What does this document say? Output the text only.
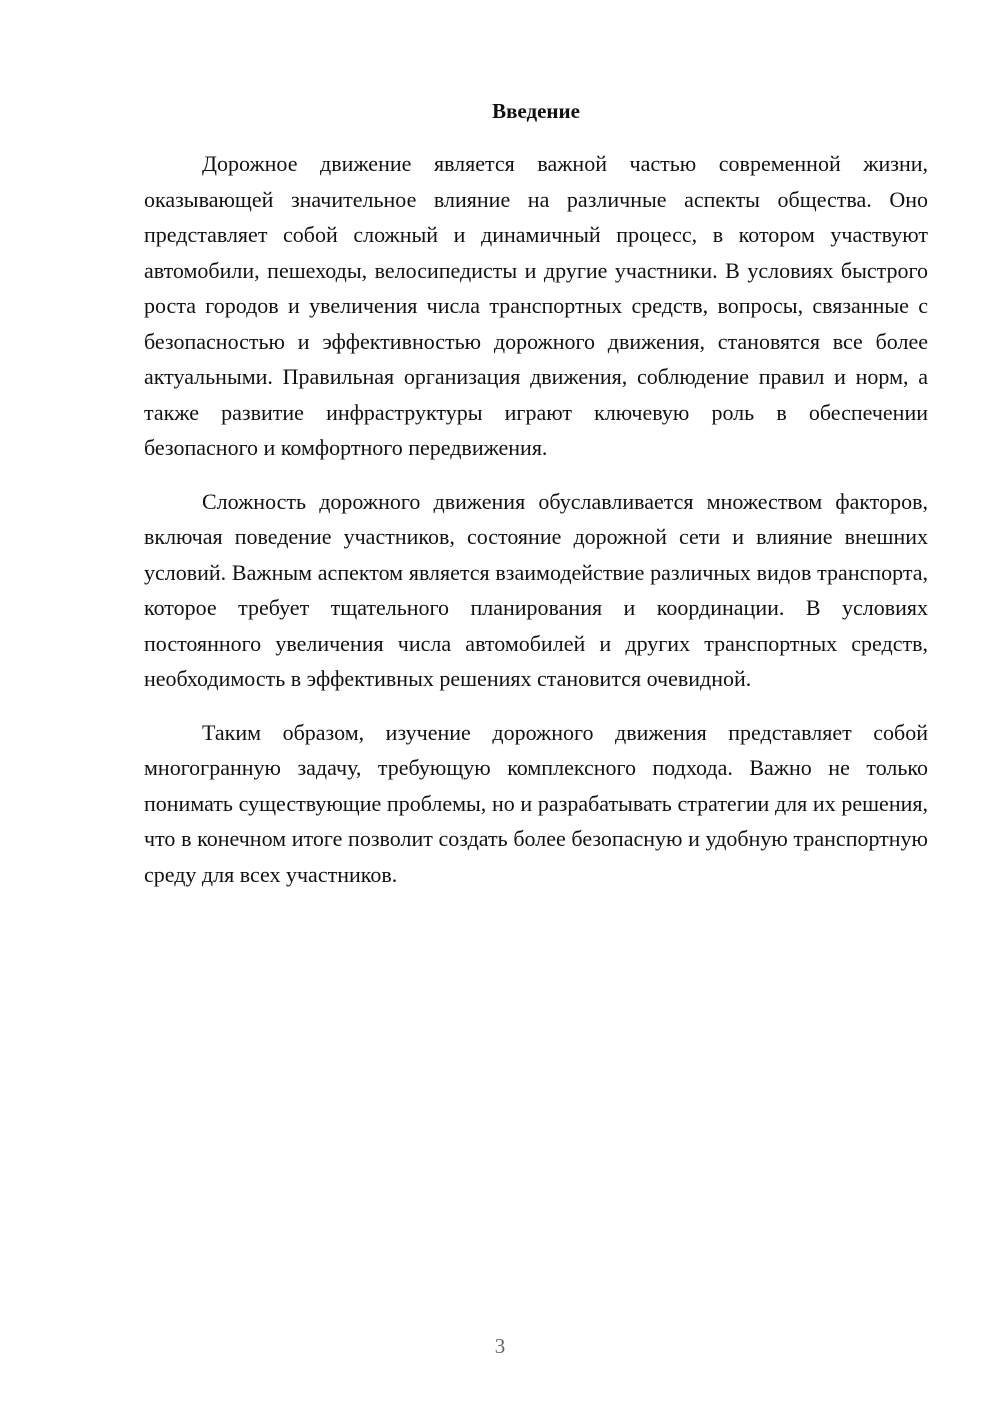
Введение

Дорожное движение является важной частью современной жизни, оказывающей значительное влияние на различные аспекты общества. Оно представляет собой сложный и динамичный процесс, в котором участвуют автомобили, пешеходы, велосипедисты и другие участники. В условиях быстрого роста городов и увеличения числа транспортных средств, вопросы, связанные с безопасностью и эффективностью дорожного движения, становятся все более актуальными. Правильная организация движения, соблюдение правил и норм, а также развитие инфраструктуры играют ключевую роль в обеспечении безопасного и комфортного передвижения.

Сложность дорожного движения обуславливается множеством факторов, включая поведение участников, состояние дорожной сети и влияние внешних условий. Важным аспектом является взаимодействие различных видов транспорта, которое требует тщательного планирования и координации. В условиях постоянного увеличения числа автомобилей и других транспортных средств, необходимость в эффективных решениях становится очевидной.

Таким образом, изучение дорожного движения представляет собой многогранную задачу, требующую комплексного подхода. Важно не только понимать существующие проблемы, но и разрабатывать стратегии для их решения, что в конечном итоге позволит создать более безопасную и удобную транспортную среду для всех участников.

3
